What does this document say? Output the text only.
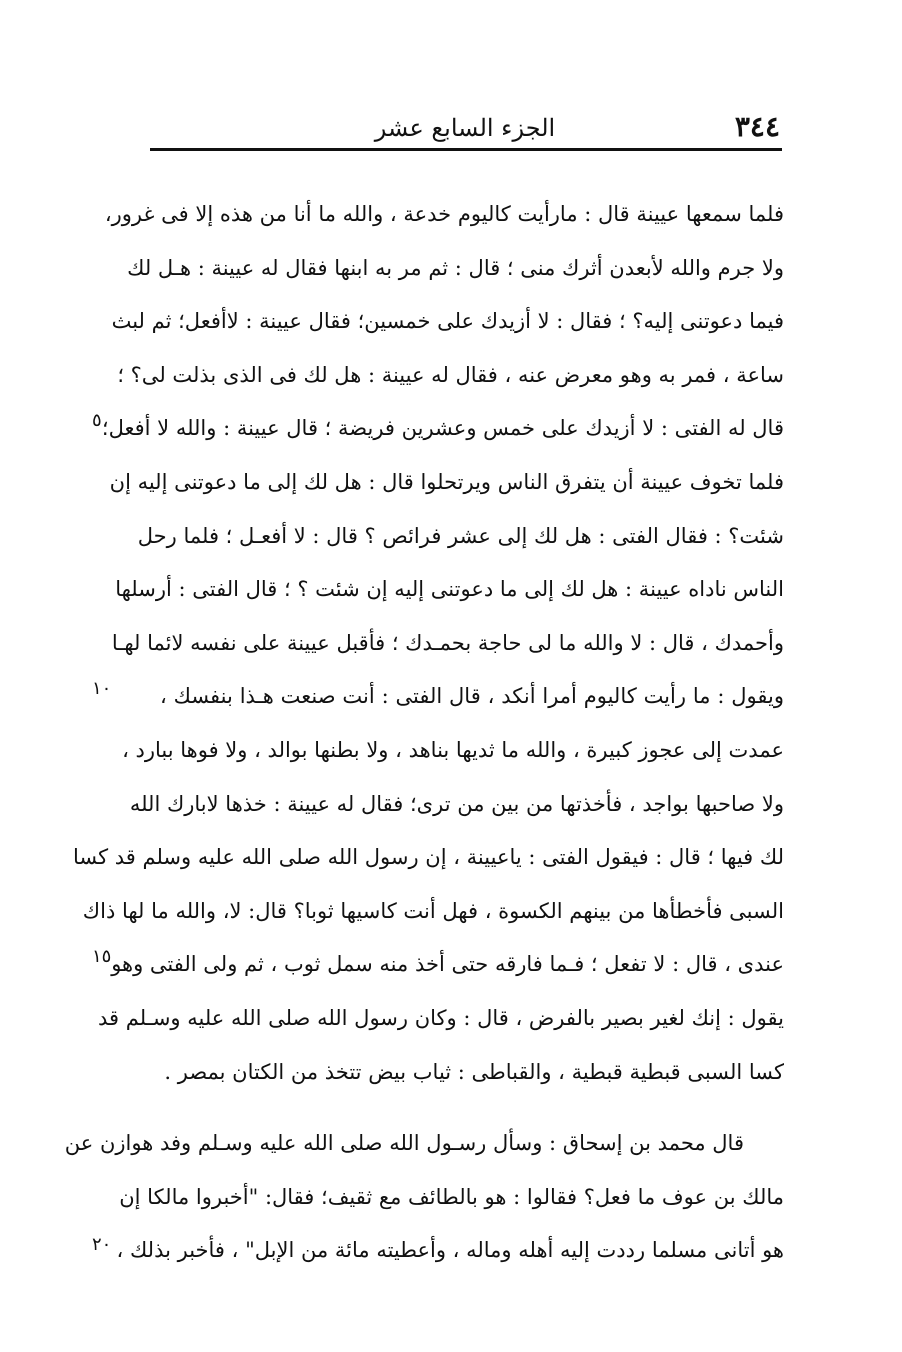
٣٤٤
الجزء السابع عشر
فلما سمعها عيينة قال : مارأيت كاليوم خدعة ، والله ما أنا من هذه إلا فى غرور،
ولا جرم والله لأبعدن أثرك منى ؛ قال : ثم مر به ابنها فقال له عيينة : هـل لك
فيما دعوتنى إليه؟ ؛ فقال : لا أزيدك على خمسين؛ فقال عيينة : لاأفعل؛ ثم لبث
ساعة ، فمر به وهو معرض عنه ، فقال له عيينة : هل لك فى الذى بذلت لى؟ ؛
قال له الفتى : لا أزيدك على خمس وعشرين فريضة ؛ قال عيينة : والله لا أفعل؛
فلما تخوف عيينة أن يتفرق الناس ويرتحلوا قال : هل لك إلى ما دعوتنى إليه إن
شئت؟ : فقال الفتى : هل لك إلى عشر فرائص ؟ قال : لا أفعـل ؛ فلما رحل
الناس ناداه عيينة : هل لك إلى ما دعوتنى إليه إن شئت ؟ ؛ قال الفتى : أرسلها
وأحمدك ، قال : لا والله ما لى حاجة بحمـدك ؛ فأقبل عيينة على نفسه لائما لهـا
ويقول : ما رأيت كاليوم أمرا أنكد ، قال الفتى : أنت صنعت هـذا بنفسك ،
عمدت إلى عجوز كبيرة ، والله ما ثديها بناهد ، ولا بطنها بوالد ، ولا فوها ببارد ،
ولا صاحبها بواجد ، فأخذتها من بين من ترى؛ فقال له عيينة : خذها لابارك الله
لك فيها ؛ قال : فيقول الفتى : ياعيينة ، إن رسول الله صلى الله عليه وسلم قد كسا
السبى فأخطأها من بينهم الكسوة ، فهل أنت كاسيها ثوبا؟ قال: لا، والله ما لها ذاك
عندى ، قال : لا تفعل ؛ فـما فارقه حتى أخذ منه سمل ثوب ، ثم ولى الفتى وهو
يقول : إنك لغير بصير بالفرض ، قال : وكان رسول الله صلى الله عليه وسـلم قد
كسا السبى قبطية قبطية ، والقباطى : ثياب بيض تتخذ من الكتان بمصر .
قال محمد بن إسحاق : وسأل رسـول الله صلى الله عليه وسـلم وفد هوازن عن
مالك بن عوف ما فعل؟ فقالوا : هو بالطائف مع ثقيف؛ فقال: "أخبروا مالكا إن
هو أتانى مسلما رددت إليه أهله وماله ، وأعطيته مائة من الإبل" ، فأخبر بذلك ،
٥
١٠
١٥
٢٠
